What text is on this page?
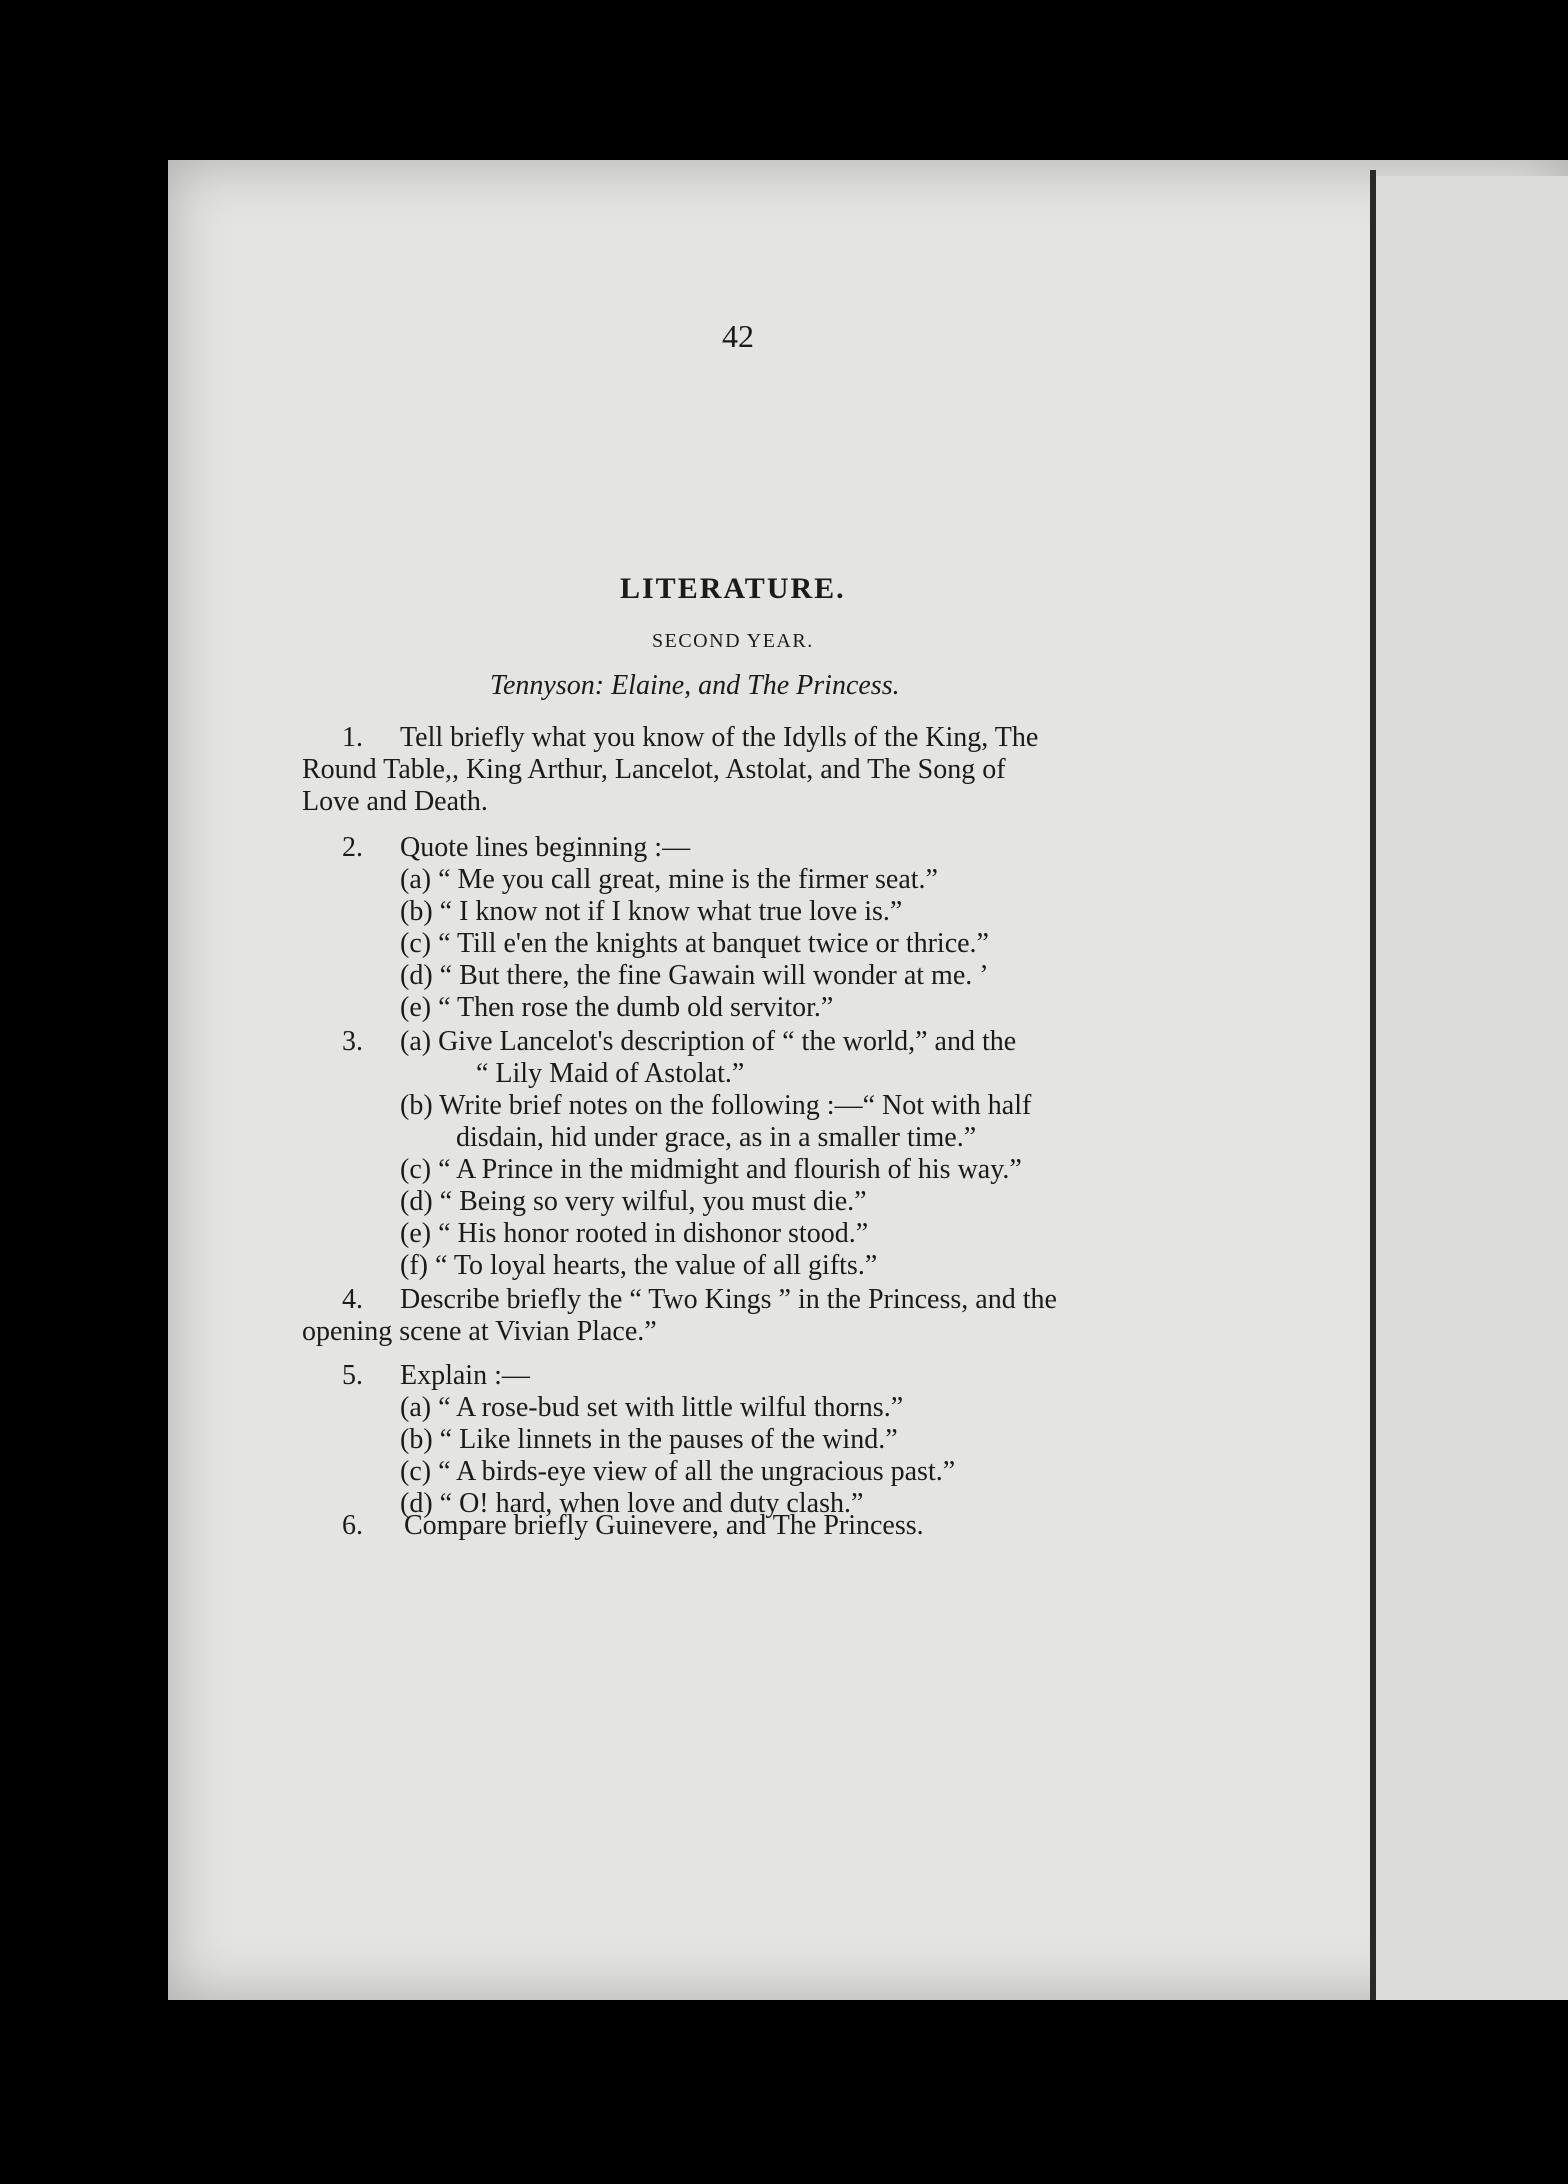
42
LITERATURE.
SECOND YEAR.
Tennyson: Elaine, and The Princess.
1. Tell briefly what you know of the Idylls of the King, The
Round Table,, King Arthur, Lancelot, Astolat, and The Song of
Love and Death.
2. Quote lines beginning :—
(a) “ Me you call great, mine is the firmer seat.”
(b) “ I know not if I know what true love is.”
(c) “ Till e'en the knights at banquet twice or thrice.”
(d) “ But there, the fine Gawain will wonder at me. ’
(e) “ Then rose the dumb old servitor.”
3. (a) Give Lancelot's description of “ the world,” and the
“ Lily Maid of Astolat.”
(b) Write brief notes on the following :—“ Not with half
disdain, hid under grace, as in a smaller time.”
(c) “ A Prince in the midmight and flourish of his way.”
(d) “ Being so very wilful, you must die.”
(e) “ His honor rooted in dishonor stood.”
(f) “ To loyal hearts, the value of all gifts.”
4. Describe briefly the “ Two Kings ” in the Princess, and the
opening scene at Vivian Place.”
5. Explain :—
(a) “ A rose-bud set with little wilful thorns.”
(b) “ Like linnets in the pauses of the wind.”
(c) “ A birds-eye view of all the ungracious past.”
(d) “ O! hard, when love and duty clash.”
6. Compare briefly Guinevere, and The Princess.
